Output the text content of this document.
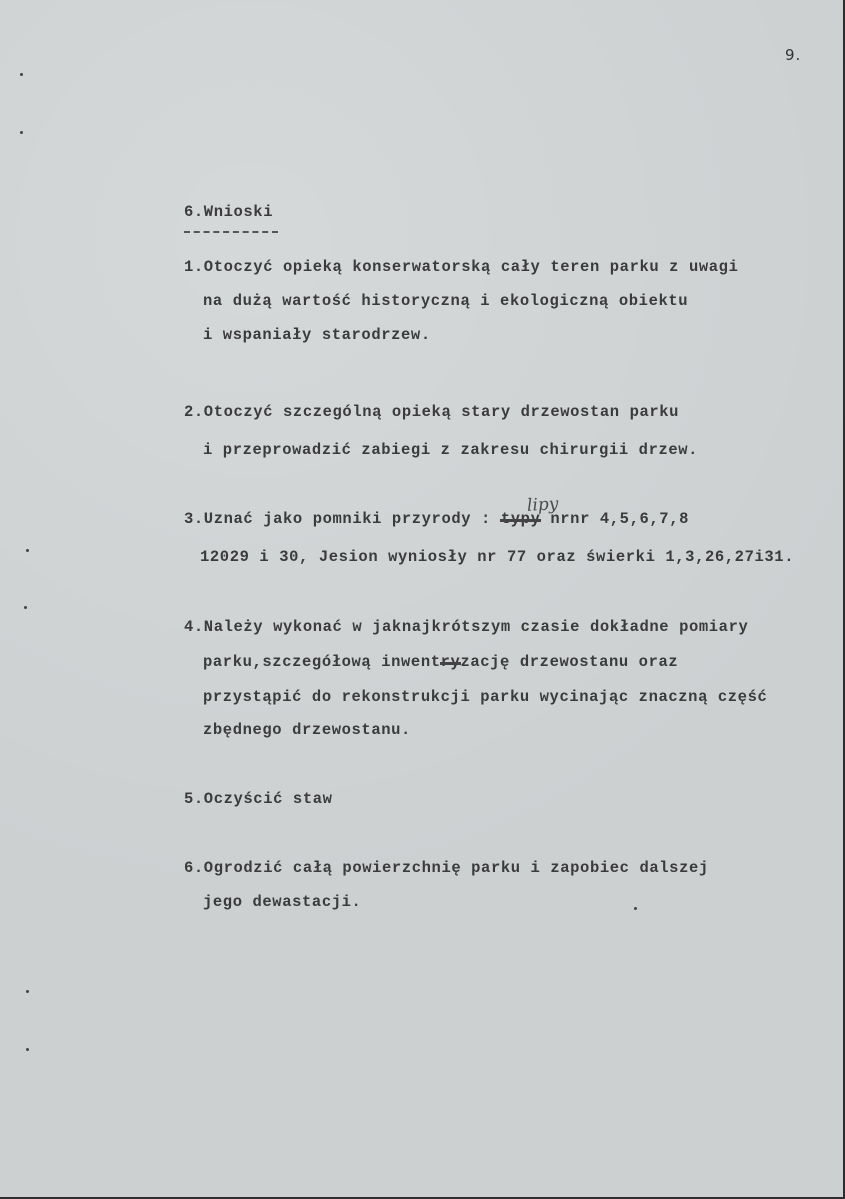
9.
6.Wnioski
1.Otoczyć opieką konserwatorską cały teren parku z uwagi
na dużą wartość historyczną i ekologiczną obiektu
i wspaniały starodrzew.
2.Otoczyć szczególną opieką stary drzewostan parku
i przeprowadzić zabiegi z zakresu chirurgii drzew.
lipy
3.Uznać jako pomniki przyrody : typy nrnr 4,5,6,7,8
12029 i 30, Jesion wyniosły nr 77 oraz świerki 1,3,26,27i31.
4.Należy wykonać w jaknajkrótszym czasie dokładne pomiary
parku,szczegółową inwentryzację drzewostanu oraz
przystąpić do rekonstrukcji parku wycinając znaczną część
zbędnego drzewostanu.
5.Oczyścić staw
6.Ogrodzić całą powierzchnię parku i zapobiec dalszej
jego dewastacji.
